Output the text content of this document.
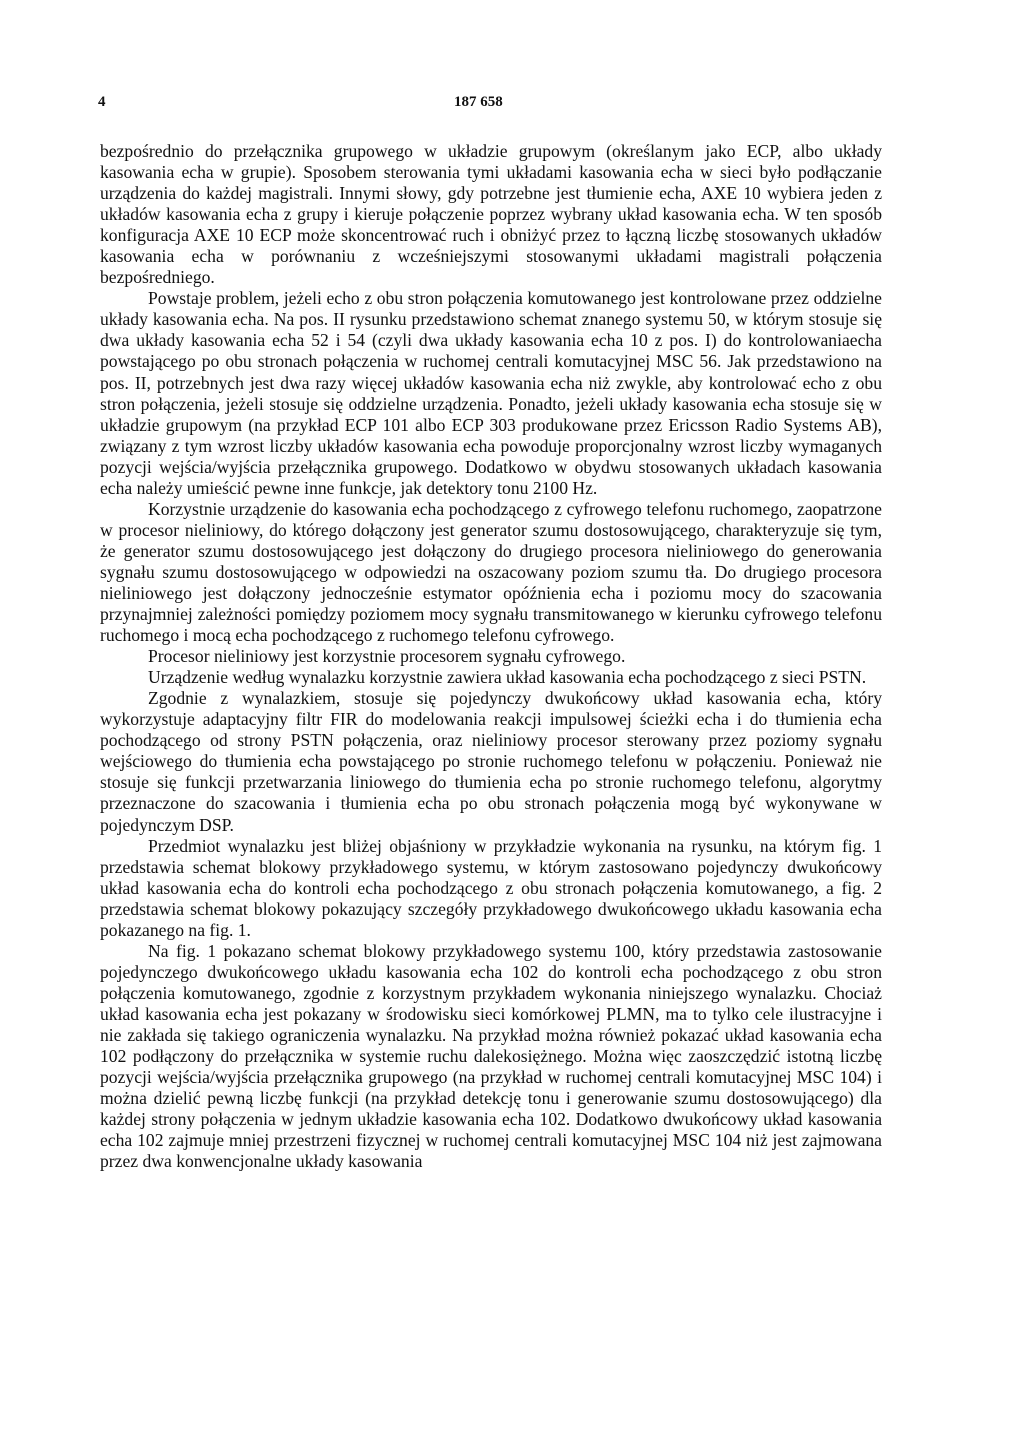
4	187 658

bezpośrednio do przełącznika grupowego w układzie grupowym (określanym jako ECP, albo układy kasowania echa w grupie). Sposobem sterowania tymi układami kasowania echa w sieci było podłączanie urządzenia do każdej magistrali. Innymi słowy, gdy potrzebne jest tłumienie echa, AXE 10 wybiera jeden z układów kasowania echa z grupy i kieruje połączenie poprzez wybrany układ kasowania echa. W ten sposób konfiguracja AXE 10 ECP może skoncentrować ruch i obniżyć przez to łączną liczbę stosowanych układów kasowania echa w porównaniu z wcześniejszymi stosowanymi układami magistrali połączenia bezpośredniego.

Powstaje problem, jeżeli echo z obu stron połączenia komutowanego jest kontrolowane przez oddzielne układy kasowania echa. Na pos. II rysunku przedstawiono schemat znanego systemu 50, w którym stosuje się dwa układy kasowania echa 52 i 54 (czyli dwa układy kasowania echa 10 z pos. I) do kontrolowaniaecha powstającego po obu stronach połączenia w ruchomej centrali komutacyjnej MSC 56. Jak przedstawiono na pos. II, potrzebnych jest dwa razy więcej układów kasowania echa niż zwykle, aby kontrolować echo z obu stron połączenia, jeżeli stosuje się oddzielne urządzenia. Ponadto, jeżeli układy kasowania echa stosuje się w układzie grupowym (na przykład ECP 101 albo ECP 303 produkowane przez Ericsson Radio Systems AB), związany z tym wzrost liczby układów kasowania echa powoduje proporcjonalny wzrost liczby wymaganych pozycji wejścia/wyjścia przełącznika grupowego. Dodatkowo w obydwu stosowanych układach kasowania echa należy umieścić pewne inne funkcje, jak detektory tonu 2100 Hz.

Korzystnie urządzenie do kasowania echa pochodzącego z cyfrowego telefonu ruchomego, zaopatrzone w procesor nieliniowy, do którego dołączony jest generator szumu dostosowującego, charakteryzuje się tym, że generator szumu dostosowującego jest dołączony do drugiego procesora nieliniowego do generowania sygnału szumu dostosowującego w odpowiedzi na oszacowany poziom szumu tła. Do drugiego procesora nieliniowego jest dołączony jednocześnie estymator opóźnienia echa i poziomu mocy do szacowania przynajmniej zależności pomiędzy poziomem mocy sygnału transmitowanego w kierunku cyfrowego telefonu ruchomego i mocą echa pochodzącego z ruchomego telefonu cyfrowego.

Procesor nieliniowy jest korzystnie procesorem sygnału cyfrowego.

Urządzenie według wynalazku korzystnie zawiera układ kasowania echa pochodzącego z sieci PSTN.

Zgodnie z wynalazkiem, stosuje się pojedynczy dwukońcowy układ kasowania echa, który wykorzystuje adaptacyjny filtr FIR do modelowania reakcji impulsowej ścieżki echa i do tłumienia echa pochodzącego od strony PSTN połączenia, oraz nieliniowy procesor sterowany przez poziomy sygnału wejściowego do tłumienia echa powstającego po stronie ruchomego telefonu w połączeniu. Ponieważ nie stosuje się funkcji przetwarzania liniowego do tłumienia echa po stronie ruchomego telefonu, algorytmy przeznaczone do szacowania i tłumienia echa po obu stronach połączenia mogą być wykonywane w pojedynczym DSP.

Przedmiot wynalazku jest bliżej objaśniony w przykładzie wykonania na rysunku, na którym fig. 1 przedstawia schemat blokowy przykładowego systemu, w którym zastosowano pojedynczy dwukońcowy układ kasowania echa do kontroli echa pochodzącego z obu stronach połączenia komutowanego, a fig. 2 przedstawia schemat blokowy pokazujący szczegóły przykładowego dwukońcowego układu kasowania echa pokazanego na fig. 1.

Na fig. 1 pokazano schemat blokowy przykładowego systemu 100, który przedstawia zastosowanie pojedynczego dwukońcowego układu kasowania echa 102 do kontroli echa pochodzącego z obu stron połączenia komutowanego, zgodnie z korzystnym przykładem wykonania niniejszego wynalazku. Chociaż układ kasowania echa jest pokazany w środowisku sieci komórkowej PLMN, ma to tylko cele ilustracyjne i nie zakłada się takiego ograniczenia wynalazku. Na przykład można również pokazać układ kasowania echa 102 podłączony do przełącznika w systemie ruchu dalekosiężnego. Można więc zaoszczędzić istotną liczbę pozycji wejścia/wyjścia przełącznika grupowego (na przykład w ruchomej centrali komutacyjnej MSC 104) i można dzielić pewną liczbę funkcji (na przykład detekcję tonu i generowanie szumu dostosowującego) dla każdej strony połączenia w jednym układzie kasowania echa 102. Dodatkowo dwukońcowy układ kasowania echa 102 zajmuje mniej przestrzeni fizycznej w ruchomej centrali komutacyjnej MSC 104 niż jest zajmowana przez dwa konwencjonalne układy kasowania
